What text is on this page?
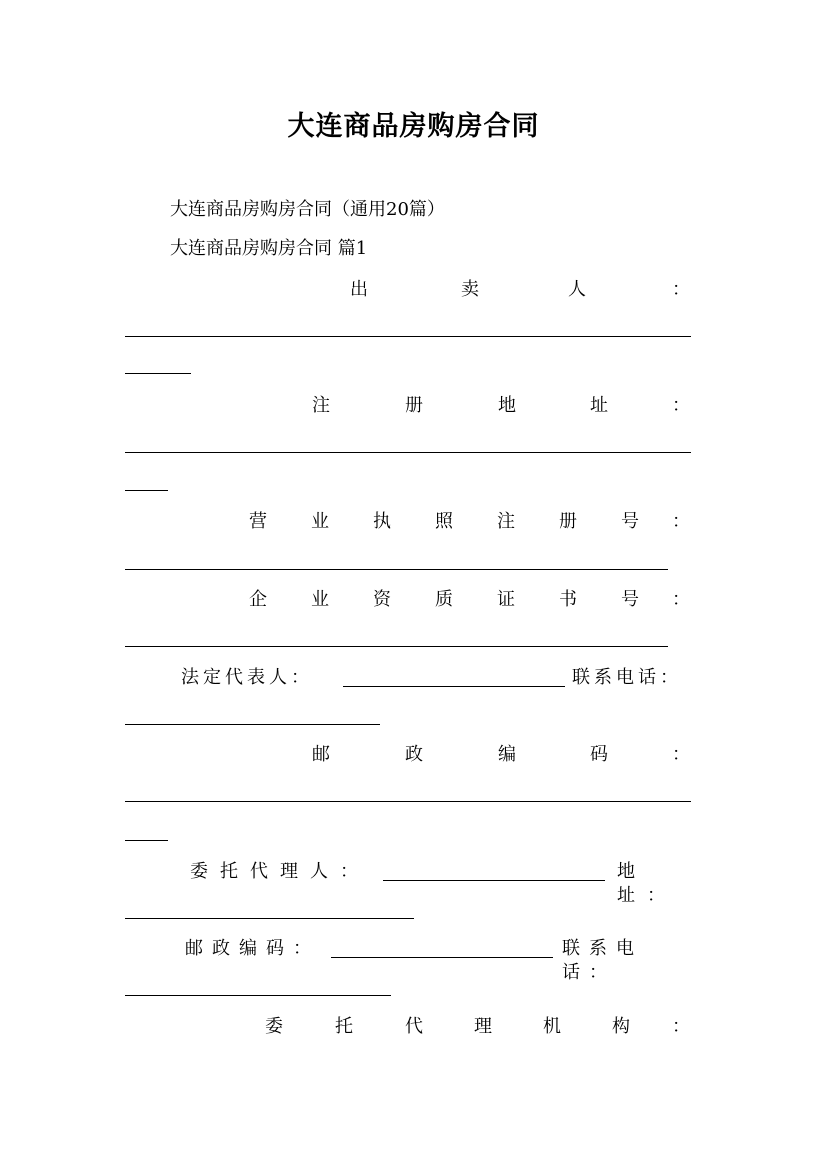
大连商品房购房合同
大连商品房购房合同（通用20篇）
大连商品房购房合同 篇1
出	卖	人	：
注	册	地	址	：
营 业 执 照 注 册 号 ：
企 业 资 质 证 书 号 ：
法定代表人：	联系电话：
邮	政	编	码	：
委托代理人：	地址：
邮政编码：	联系电话：
委	托	代	理	机	构 ：
